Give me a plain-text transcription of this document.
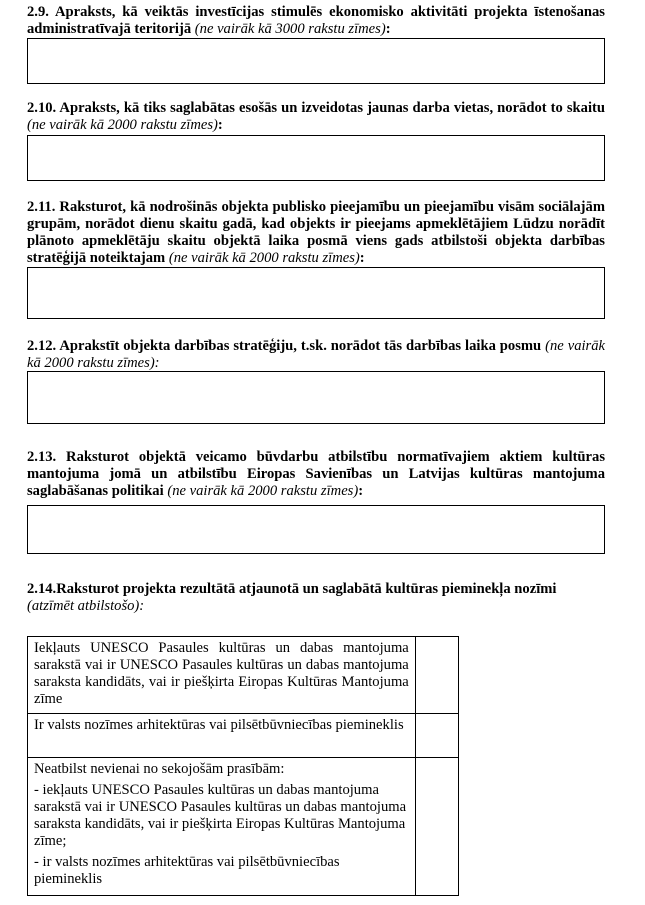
2.9. Apraksts, kā veiktās investīcijas stimulēs ekonomisko aktivitāti projekta īstenošanas administratīvajā teritorijā (ne vairāk kā 3000 rakstu zīmes):

2.10. Apraksts, kā tiks saglabātas esošās un izveidotas jaunas darba vietas, norādot to skaitu (ne vairāk kā 2000 rakstu zīmes):

2.11. Raksturot, kā nodrošinās objekta publisko pieejamību un pieejamību visām sociālajām grupām, norādot dienu skaitu gadā, kad objekts ir pieejams apmeklētājiem Lūdzu norādīt plānoto apmeklētāju skaitu objektā laika posmā viens gads atbilstoši objekta darbības stratēģijā noteiktajam (ne vairāk kā 2000 rakstu zīmes):

2.12. Aprakstīt objekta darbības stratēģiju, t.sk. norādot tās darbības laika posmu (ne vairāk kā 2000 rakstu zīmes):

2.13. Raksturot objektā veicamo būvdarbu atbilstību normatīvajiem aktiem kultūras mantojuma jomā un atbilstību Eiropas Savienības un Latvijas kultūras mantojuma saglabāšanas politikai (ne vairāk kā 2000 rakstu zīmes):

2.14.Raksturot projekta rezultātā atjaunotā un saglabātā kultūras pieminekļa nozīmi
(atzīmēt atbilstošo):

Iekļauts UNESCO Pasaules kultūras un dabas mantojuma sarakstā vai ir UNESCO Pasaules kultūras un dabas mantojuma saraksta kandidāts, vai ir piešķirta Eiropas Kultūras Mantojuma zīme	

Ir valsts nozīmes arhitektūras vai pilsētbūvniecības piemineklis	

Neatbilst nevienai no sekojošām prasībām:

- iekļauts UNESCO Pasaules kultūras un dabas mantojuma sarakstā vai ir UNESCO Pasaules kultūras un dabas mantojuma saraksta kandidāts, vai ir piešķirta Eiropas Kultūras Mantojuma zīme;

- ir valsts nozīmes arhitektūras vai pilsētbūvniecības piemineklis	
